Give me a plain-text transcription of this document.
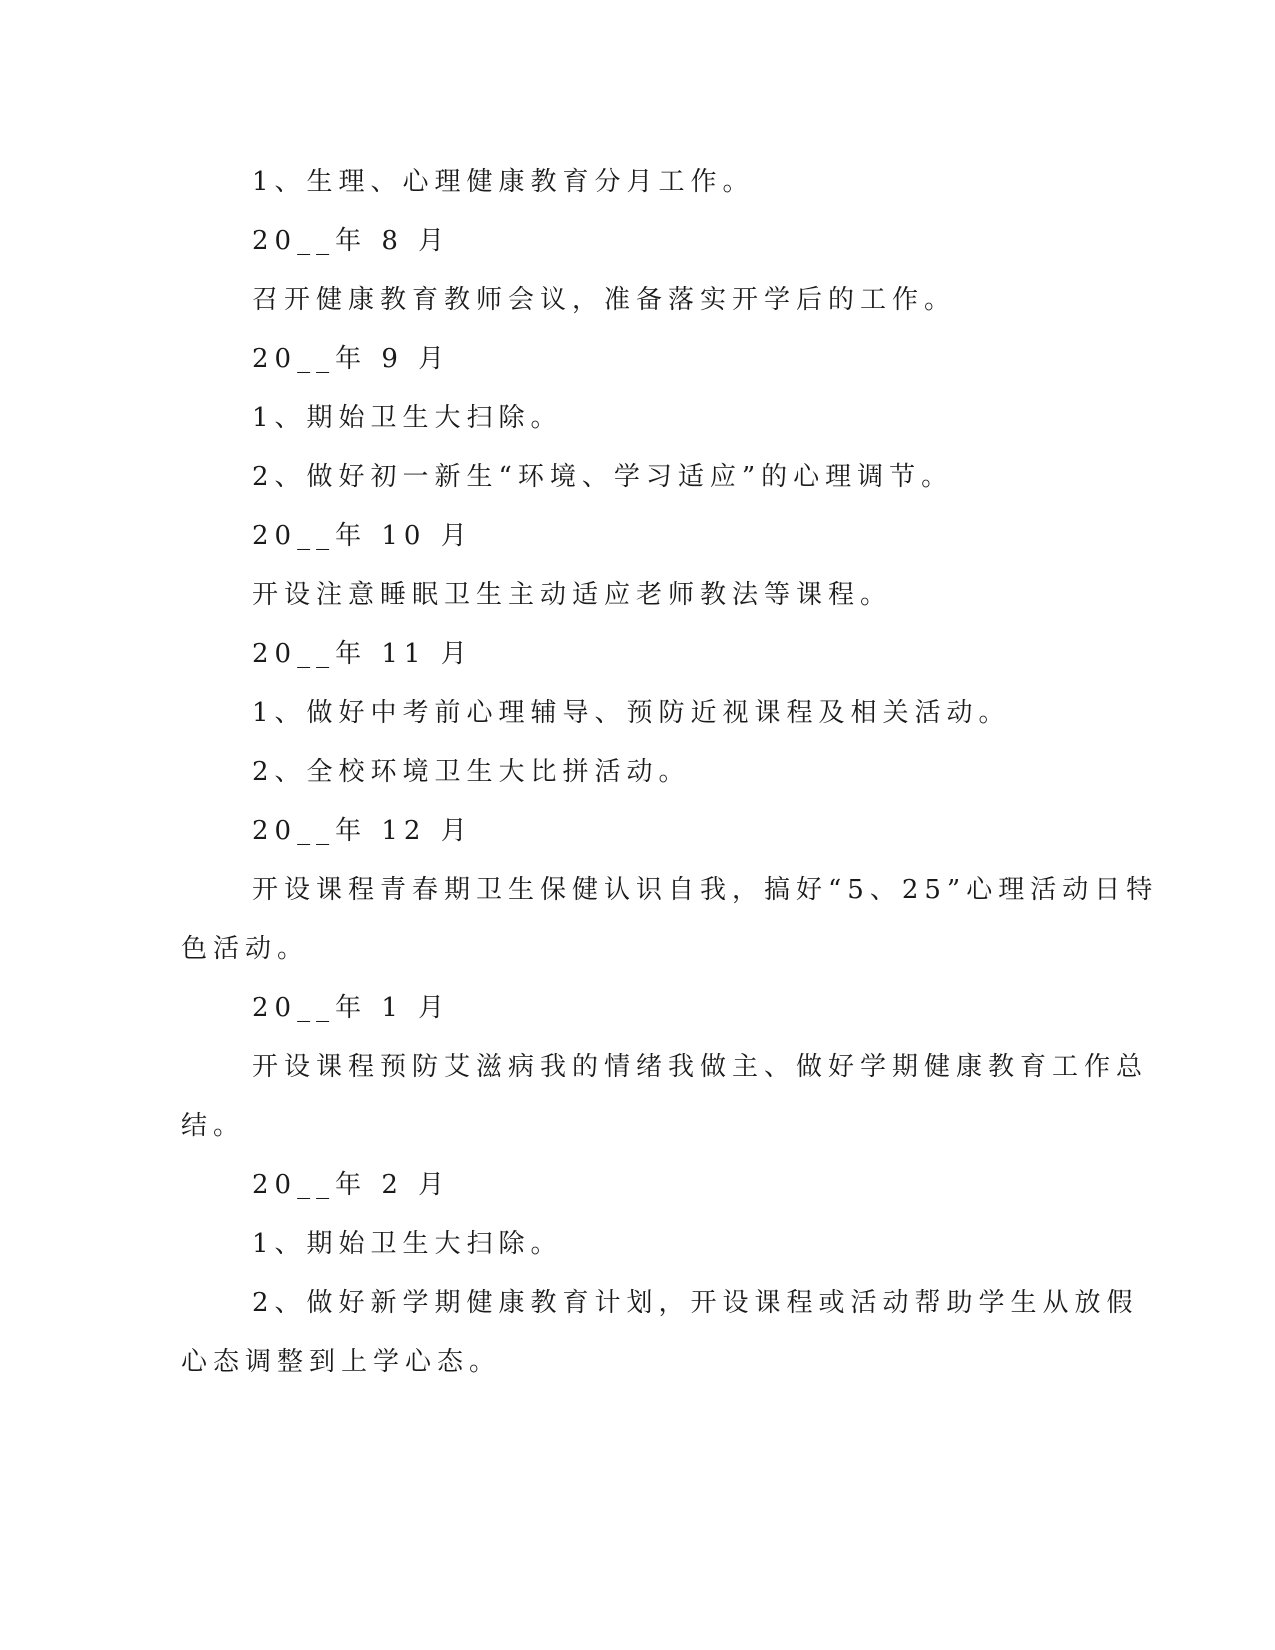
1、生理、心理健康教育分月工作。
20__年 8 月
召开健康教育教师会议，准备落实开学后的工作。
20__年 9 月
1、期始卫生大扫除。
2、做好初一新生“环境、学习适应”的心理调节。
20__年 10 月
开设注意睡眠卫生主动适应老师教法等课程。
20__年 11 月
1、做好中考前心理辅导、预防近视课程及相关活动。
2、全校环境卫生大比拼活动。
20__年 12 月
开设课程青春期卫生保健认识自我，搞好“5、25”心理活动日特
色活动。
20__年 1 月
开设课程预防艾滋病我的情绪我做主、做好学期健康教育工作总
结。
20__年 2 月
1、期始卫生大扫除。
2、做好新学期健康教育计划，开设课程或活动帮助学生从放假
心态调整到上学心态。
